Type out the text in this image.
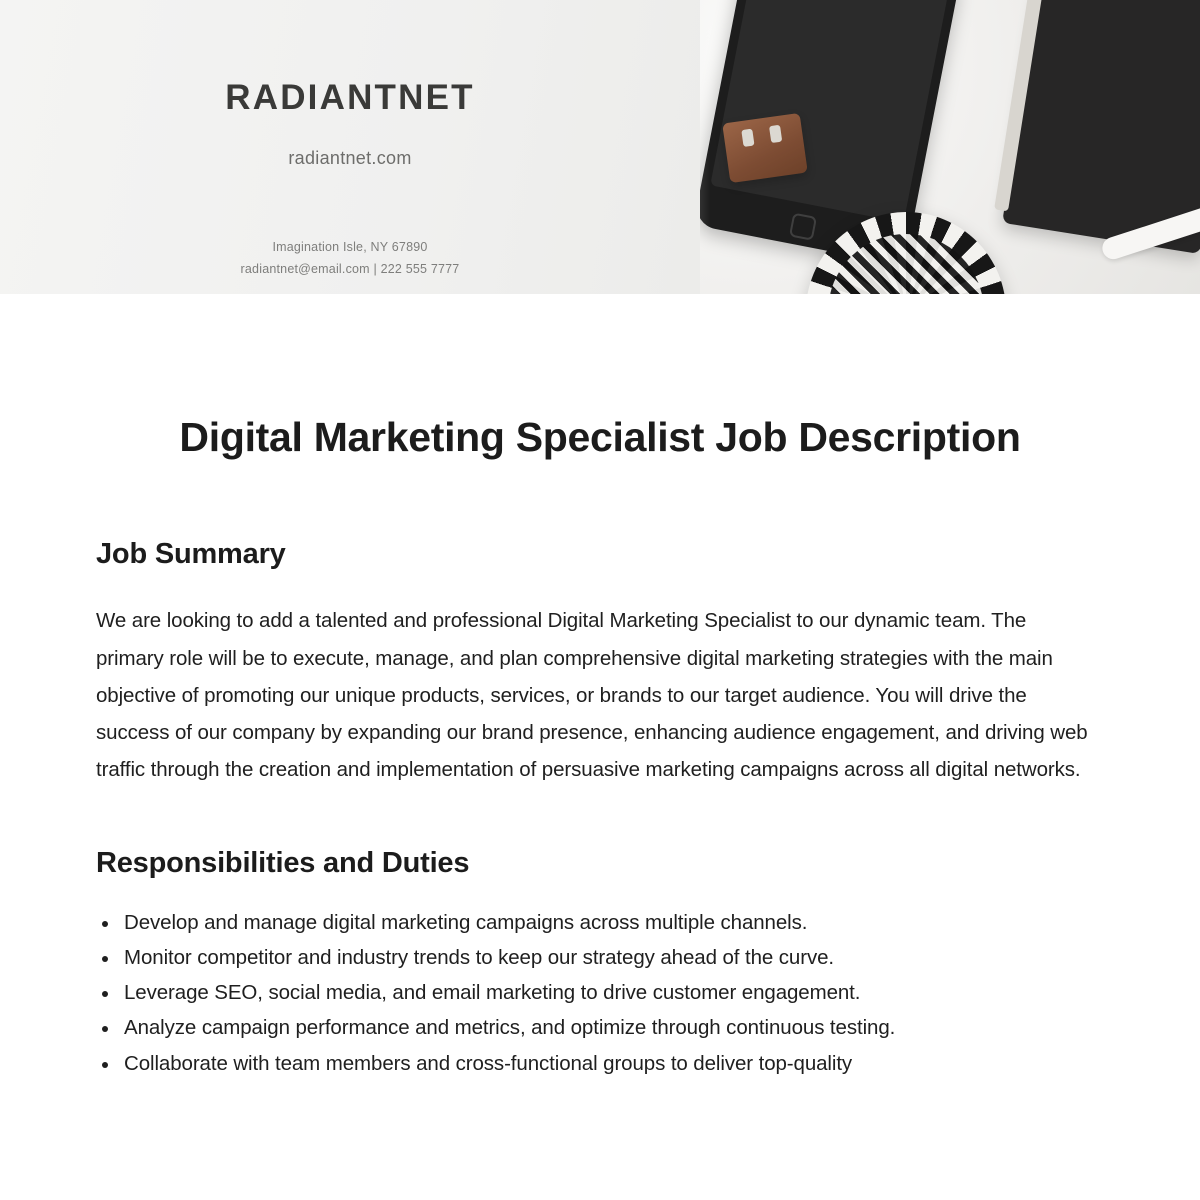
RADIANTNET
radiantnet.com
Imagination Isle, NY 67890
radiantnet@email.com | 222 555 7777
Digital Marketing Specialist Job Description
Job Summary

We are looking to add a talented and professional Digital Marketing Specialist to our dynamic team. The primary role will be to execute, manage, and plan comprehensive digital marketing strategies with the main objective of promoting our unique products, services, or brands to our target audience. You will drive the success of our company by expanding our brand presence, enhancing audience engagement, and driving web traffic through the creation and implementation of persuasive marketing campaigns across all digital networks.

Responsibilities and Duties
Develop and manage digital marketing campaigns across multiple channels.
Monitor competitor and industry trends to keep our strategy ahead of the curve.
Leverage SEO, social media, and email marketing to drive customer engagement.
Analyze campaign performance and metrics, and optimize through continuous testing.
Collaborate with team members and cross-functional groups to deliver top-quality
